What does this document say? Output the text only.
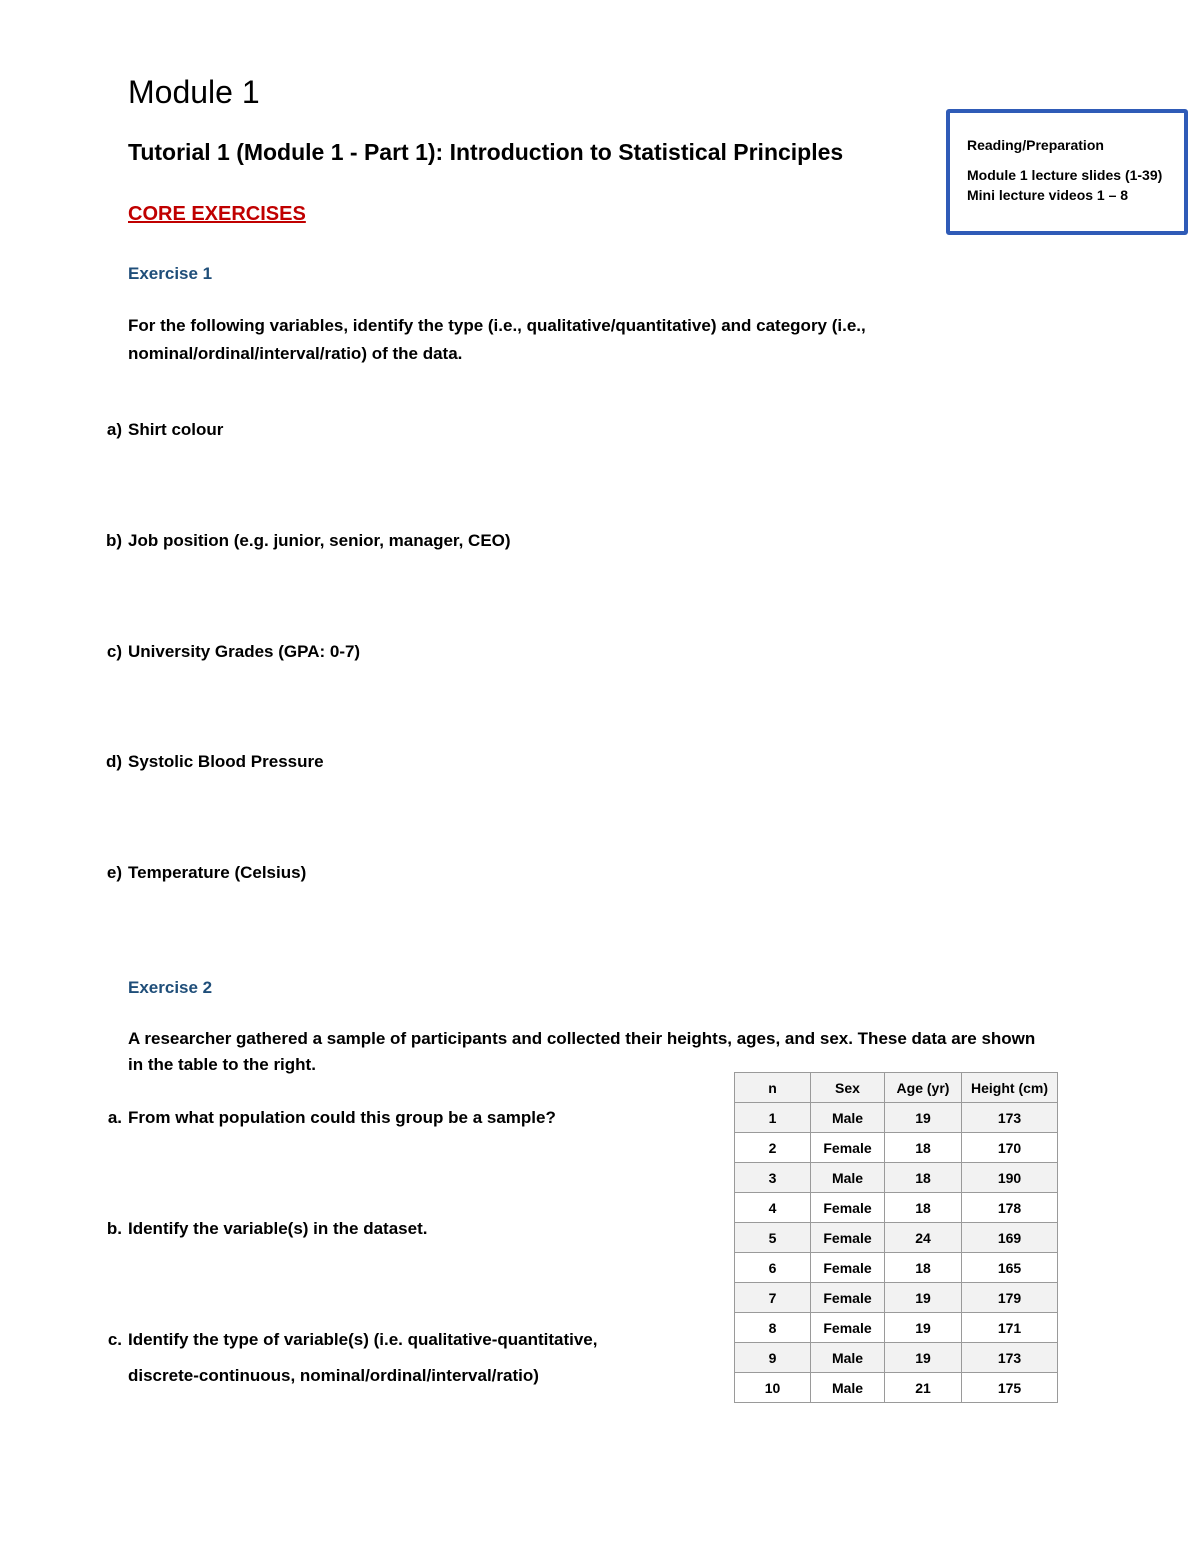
Module 1
Tutorial 1 (Module 1 - Part 1): Introduction to Statistical Principles
CORE EXERCISES
Reading/Preparation
Module 1 lecture slides (1-39)
Mini lecture videos 1 – 8
Exercise 1
For the following variables, identify the type (i.e., qualitative/quantitative) and category (i.e.,
nominal/ordinal/interval/ratio) of the data.
a) Shirt colour
b) Job position (e.g. junior, senior, manager, CEO)
c) University Grades (GPA: 0-7)
d) Systolic Blood Pressure
e) Temperature (Celsius)
Exercise 2
A researcher gathered a sample of participants and collected their heights, ages, and sex. These data are shown
in the table to the right.
a. From what population could this group be a sample?
b. Identify the variable(s) in the dataset.
c. Identify the type of variable(s) (i.e. qualitative-quantitative,
discrete-continuous, nominal/ordinal/interval/ratio)
n	Sex	Age (yr)	Height (cm)
1	Male	19	173
2	Female	18	170
3	Male	18	190
4	Female	18	178
5	Female	24	169
6	Female	18	165
7	Female	19	179
8	Female	19	171
9	Male	19	173
10	Male	21	175
